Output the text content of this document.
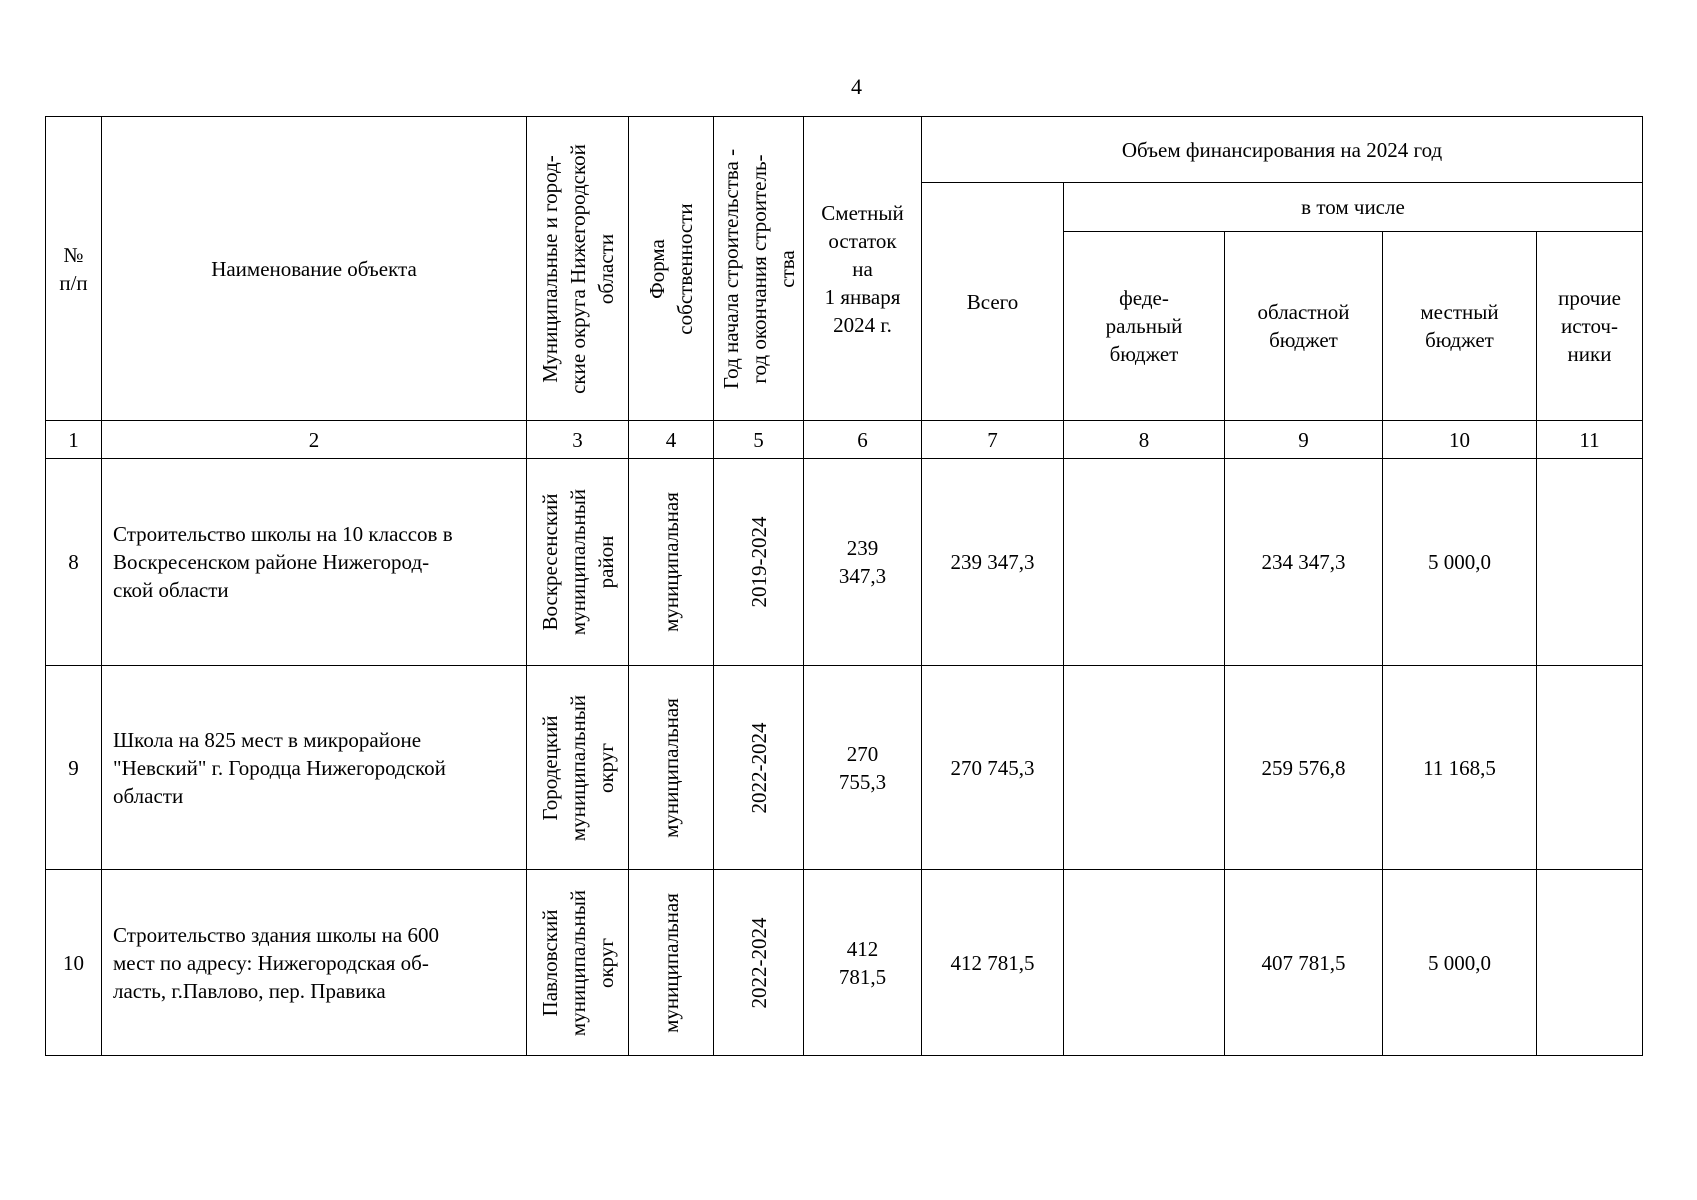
4
№
п/п	Наименование объекта	Муниципальные и город- ские округа Нижегородской области	Форма собственности	Год начала строительства - год окончания строитель- ства	Сметный
остаток
на
1 января
2024 г.	Объем финансирования на 2024 год				
						Всего	в том числе			

							феде-
ральный
бюджет	областной
бюджет	местный
бюджет	прочие
источ-
ники

1	2	3	4	5	6	7	8	9	10	11
8	Строительство школы на 10 классов в
Воскресенском районе Нижегород-
ской области	Воскресенский муниципальный район	муниципальная	2019-2024	239
347,3	239 347,3		234 347,3	5 000,0	
9	Школа на 825 мест в микрорайоне
"Невский" г. Городца Нижегородской
области	Городецкий муниципальный округ	муниципальная	2022-2024	270
755,3	270 745,3		259 576,8	11 168,5	
10	Строительство здания школы на 600
мест по адресу: Нижегородская об-
ласть, г.Павлово, пер. Правика	Павловский муниципальный округ	муниципальная	2022-2024	412
781,5	412 781,5		407 781,5	5 000,0	
